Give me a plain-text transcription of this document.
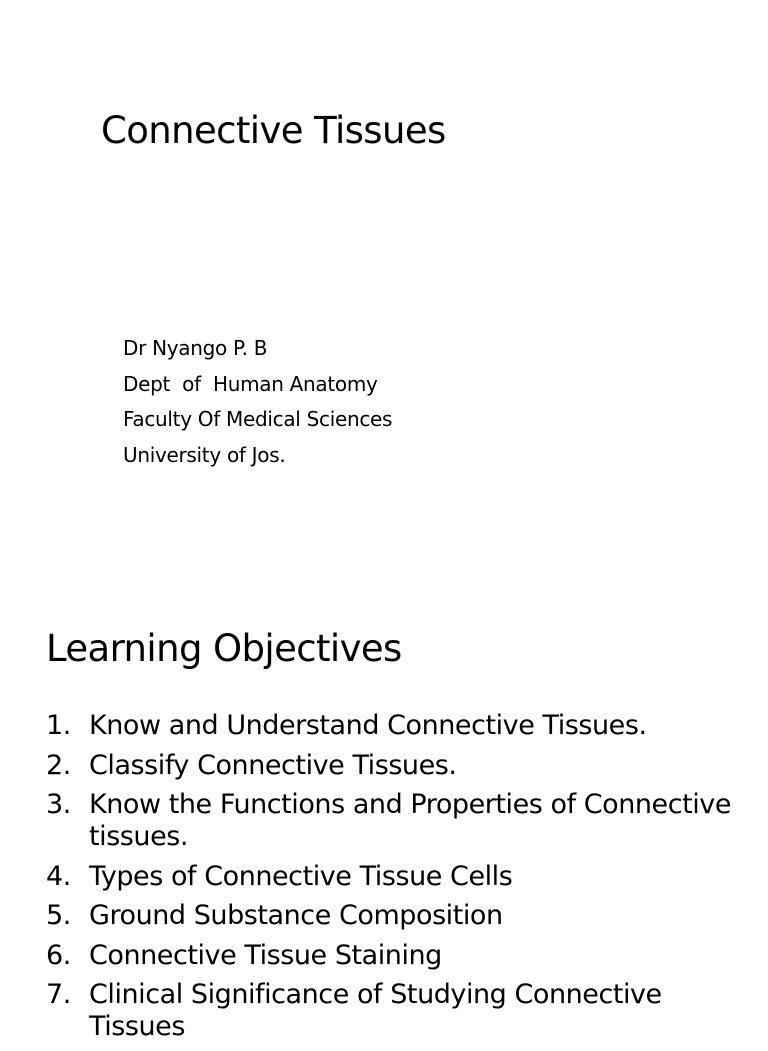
Connective Tissues
Dr Nyango P. B
Dept  of  Human Anatomy
Faculty Of Medical Sciences
University of Jos.
Learning Objectives
1. Know and Understand Connective Tissues.
2. Classify Connective Tissues.
3. Know the Functions and Properties of Connective tissues.
4. Types of Connective Tissue Cells
5. Ground Substance Composition
6. Connective Tissue Staining
7. Clinical Significance of Studying Connective Tissues
